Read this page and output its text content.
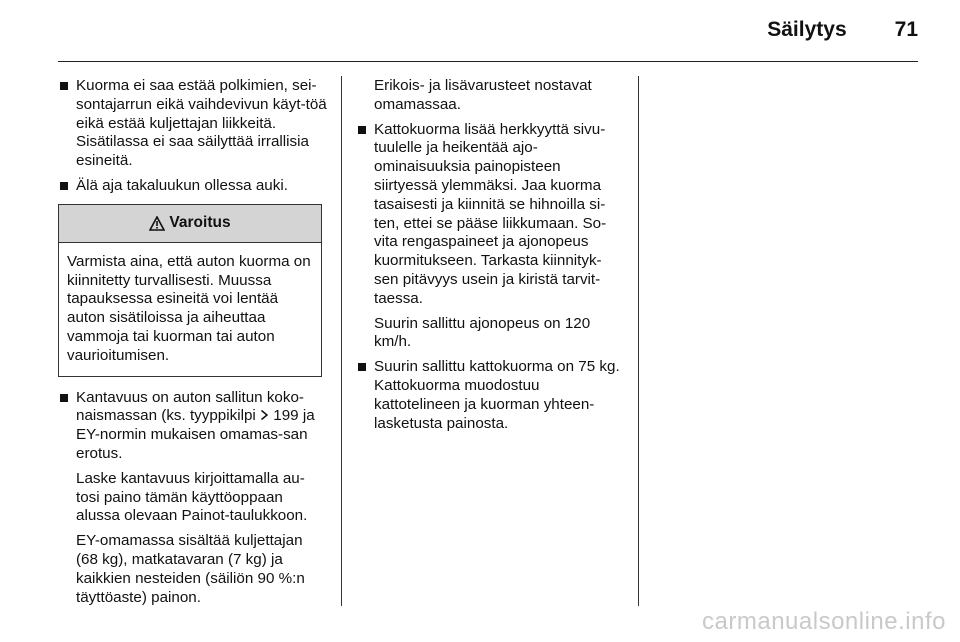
Säilytys 71
Kuorma ei saa estää polkimien, sei-sontajarrun eikä vaihdevivun käyt-töä eikä estää kuljettajan liikkeitä. Sisätilassa ei saa säilyttää irrallisia esineitä.
Älä aja takaluukun ollessa auki.
Varoitus
Varmista aina, että auton kuorma on kiinnitetty turvallisesti. Muussa tapauksessa esineitä voi lentää auton sisätiloissa ja aiheuttaa vammoja tai kuorman tai auton vaurioitumisen.
Kantavuus on auton sallitun koko-naismassan (ks. tyyppikilpi 199 ja EY-normin mukaisen omamas-san erotus.
Laske kantavuus kirjoittamalla au-tosi paino tämän käyttöoppaan alussa olevaan Painot-taulukkoon.
EY-omamassa sisältää kuljettajan (68 kg), matkatavaran (7 kg) ja kaikkien nesteiden (säiliön 90 %:n täyttöaste) painon.
Erikois- ja lisävarusteet nostavat omamassaa.
Kattokuorma lisää herkkyyttä sivu-tuulelle ja heikentää ajo-ominaisuuksia painopisteen siirtyessä ylemmäksi. Jaa kuorma tasaisesti ja kiinnitä se hihnoilla si-ten, ettei se pääse liikkumaan. So-vita rengaspaineet ja ajonopeus kuormitukseen. Tarkasta kiinnityk-sen pitävyys usein ja kiristä tarvit-taessa.
Suurin sallittu ajonopeus on 120 km/h.
Suurin sallittu kattokuorma on 75 kg. Kattokuorma muodostuu kattotelineen ja kuorman yhteen-lasketusta painosta.
carmanualsonline.info
